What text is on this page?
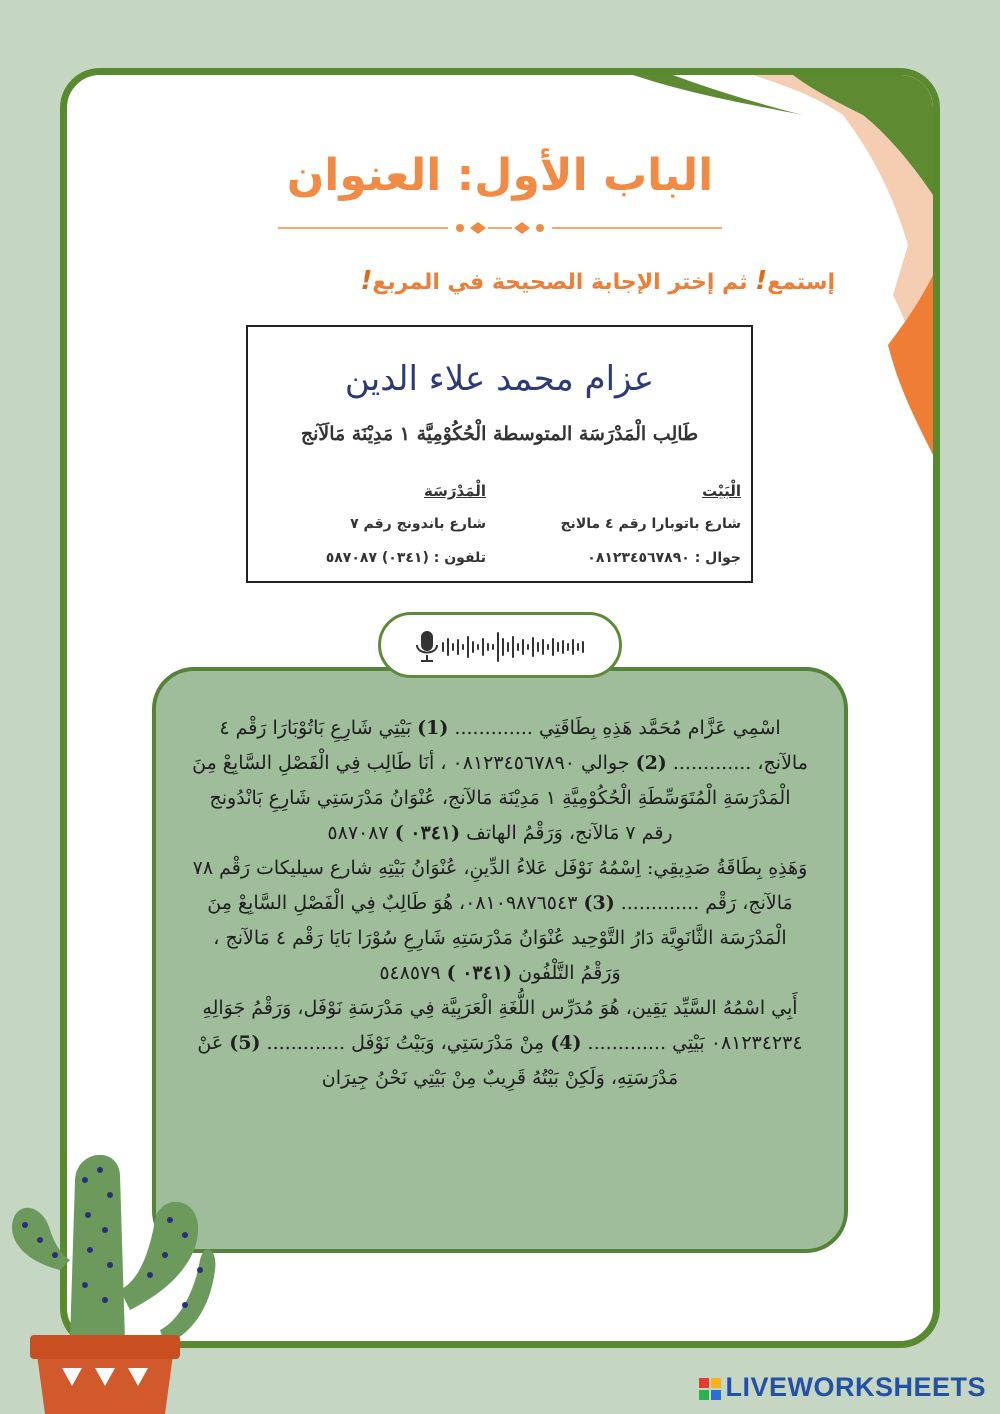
الباب الأول: العنوان
إستمع! ثم إختر الإجابة الصحيحة في المربع!
عزام محمد علاء الدين
طَالِب الْمَدْرَسَة المتوسطة الْحُكُوْمِيَّة ١ مَدِيْنَة مَالَآنج
الْبَيْت
شارع باتوبارا رقم ٤ مالانج
جوال : ٠٨١٢٣٤٥٦٧٨٩٠
الْمَدْرَسَة
شارع باندونج رقم ٧
تلفون : (٠٣٤١) ٥٨٧٠٨٧

اسْمِي عَزَّام مُحَمَّد هَذِهِ بِطَاقَتِي ............. (1) بَيْتِي شَارِعِ بَاتُوْبَارَا رَقْم ٤ مالآنج، ............. (2) جوالي ٠٨١٢٣٤٥٦٧٨٩٠ ، أنَا طَالِب فِي الْفَصْلِ السَّابِعْ مِنَ الْمَدْرَسَةِ الْمُتَوَسِّطَةِ الْحُكُوْمِيَّةِ ١ مَدِيْنَة مَالآنج، عُنْوَانُ مَدْرَسَتِي شَارِعِ بَانْدُونج رقم ٧ مَالآنج، وَرَقْمُ الهاتف (٠٣٤١ ) ٥٨٧٠٨٧

وَهَذِهِ بِطَاقَةُ صَدِيقِي: اِسْمُهُ نَوْفَل عَلاءُ الدِّينِ، عُنْوَانُ بَيْتِهِ شارع سيليكات رَقْم ٧٨ مَالآنج، رَقْم ............. (3) ٠٨١٠٩٨٧٦٥٤٣، هُوَ طَالِبٌ فِي الْفَصْلِ السَّابِعْ مِنَ الْمَدْرَسَة الثَّانَوِيَّة دَارُ التَّوْحِيد عُنْوَانُ مَدْرَسَتِهِ شَارِعِ سُوْرَا بَايَا رَقْم ٤ مَالآنج ، وَرَقْمُ التَّلْفُون (٠٣٤١ ) ٥٤٨٥٧٩

أَبِي اسْمُهُ السَّيِّد يَقِين، هُوَ مُدَرِّس اللُّغَةِ الْعَرَبِيَّة فِي مَدْرَسَةِ نَوْفَل، وَرَقْمُ جَوَالِهِ ٠٨١٢٣٤٢٣٤ بَيْتِي ............. (4) مِنْ مَدْرَسَتِي، وَبَيْتُ نَوْفَل ............. (5) عَنْ مَدْرَسَتِهِ، وَلَكِنْ بَيْتُهُ قَرِيبٌ مِنْ بَيْتِي نَحْنُ جِيرَان

LIVEWORKSHEETS
